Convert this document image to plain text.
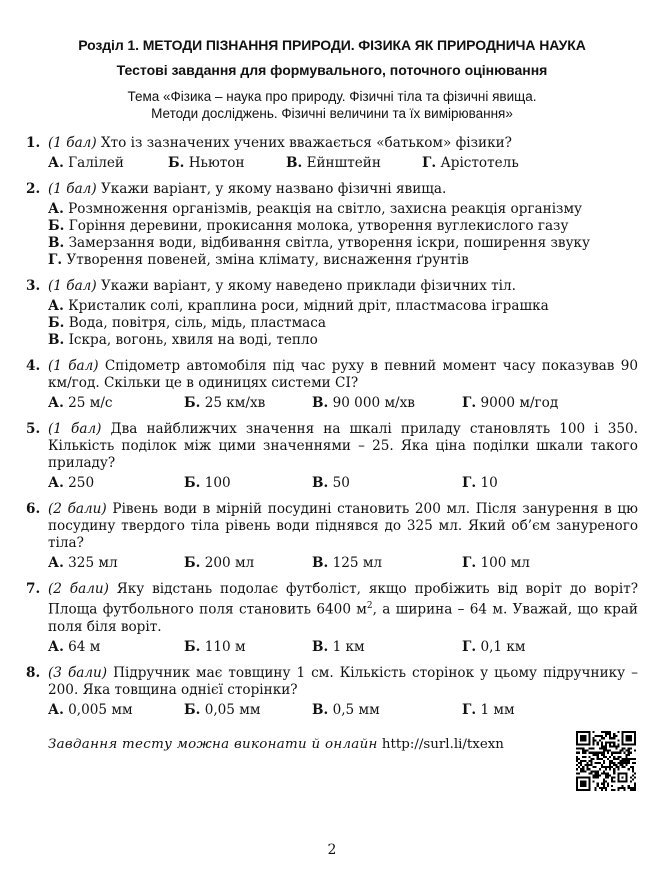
Розділ 1. МЕТОДИ ПІЗНАННЯ ПРИРОДИ. ФІЗИКА ЯК ПРИРОДНИЧА НАУКА
Тестові завдання для формувального, поточного оцінювання
Тема «Фізика – наука про природу. Фізичні тіла та фізичні явища.
Методи досліджень. Фізичні величини та їх вимірювання»
1. (1 бал) Хто із зазначених учених вважається «батьком» фізики?
А. Галілей	Б. Ньютон	В. Ейнштейн	Г. Арістотель
2. (1 бал) Укажи варіант, у якому названо фізичні явища.
А. Розмноження організмів, реакція на світло, захисна реакція організму
Б. Горіння деревини, прокисання молока, утворення вуглекислого газу
В. Замерзання води, відбивання світла, утворення іскри, поширення звуку
Г. Утворення повеней, зміна клімату, виснаження ґрунтів
3. (1 бал) Укажи варіант, у якому наведено приклади фізичних тіл.
А. Кристалик солі, краплина роси, мідний дріт, пластмасова іграшка
Б. Вода, повітря, сіль, мідь, пластмаса
В. Іскра, вогонь, хвиля на воді, тепло
4. (1 бал) Спідометр автомобіля під час руху в певний момент часу показував 90 км/год. Скільки це в одиницях системи СІ?
А. 25 м/с	Б. 25 км/хв	В. 90 000 м/хв	Г. 9000 м/год
5. (1 бал) Два найближчих значення на шкалі приладу становлять 100 і 350. Кількість поділок між цими значеннями – 25. Яка ціна поділки шкали такого приладу?
А. 250	Б. 100	В. 50	Г. 10
6. (2 бали) Рівень води в мірній посудині становить 200 мл. Після занурення в цю посудину твердого тіла рівень води піднявся до 325 мл. Який об’єм зануреного тіла?
А. 325 мл	Б. 200 мл	В. 125 мл	Г. 100 мл
7. (2 бали) Яку відстань подолає футболіст, якщо пробіжить від воріт до воріт? Площа футбольного поля становить 6400 $м^2$, а ширина – 64 м. Уважай, що край поля біля воріт.
А. 64 м	Б. 110 м	В. 1 км	Г. 0,1 км
8. (3 бали) Підручник має товщину 1 см. Кількість сторінок у цьому підручнику – 200. Яка товщина однієї сторінки?
А. 0,005 мм	Б. 0,05 мм	В. 0,5 мм	Г. 1 мм
Завдання тесту можна виконати й онлайн http://surl.li/txexn
2
